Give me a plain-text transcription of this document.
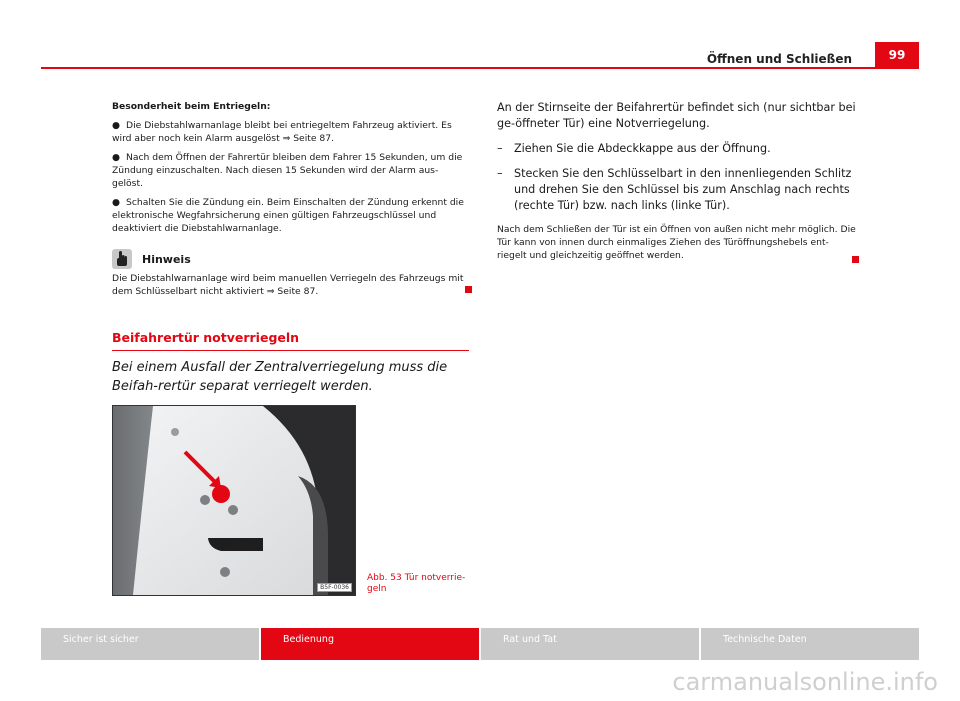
Öffnen und Schließen	99

Besonderheit beim Entriegeln:

● Die Diebstahlwarnanlage bleibt bei entriegeltem Fahrzeug aktiviert. Es wird aber noch kein Alarm ausgelöst ⇒ Seite 87.

● Nach dem Öffnen der Fahrertür bleiben dem Fahrer 15 Sekunden, um die Zündung einzuschalten. Nach diesen 15 Sekunden wird der Alarm aus-gelöst.

● Schalten Sie die Zündung ein. Beim Einschalten der Zündung erkennt die elektronische Wegfahrsicherung einen gültigen Fahrzeugschlüssel und deaktiviert die Diebstahlwarnanlage.

Hinweis

Die Diebstahlwarnanlage wird beim manuellen Verriegeln des Fahrzeugs mit dem Schlüsselbart nicht aktiviert ⇒ Seite 87.

Beifahrertür notverriegeln
Bei einem Ausfall der Zentralverriegelung muss die Beifah-rertür separat verriegelt werden.
B5F-0036
Abb. 53 Tür notverrie-geln

An der Stirnseite der Beifahrertür befindet sich (nur sichtbar bei ge-öffneter Tür) eine Notverriegelung.

–	Ziehen Sie die Abdeckkappe aus der Öffnung.
–	Stecken Sie den Schlüsselbart in den innenliegenden Schlitz und drehen Sie den Schlüssel bis zum Anschlag nach rechts (rechte Tür) bzw. nach links (linke Tür).

Nach dem Schließen der Tür ist ein Öffnen von außen nicht mehr möglich. Die Tür kann von innen durch einmaliges Ziehen des Türöffnungshebels ent-riegelt und gleichzeitig geöffnet werden.

Sicher ist sicher	Bedienung	Rat und Tat	Technische Daten
carmanualsonline.info
